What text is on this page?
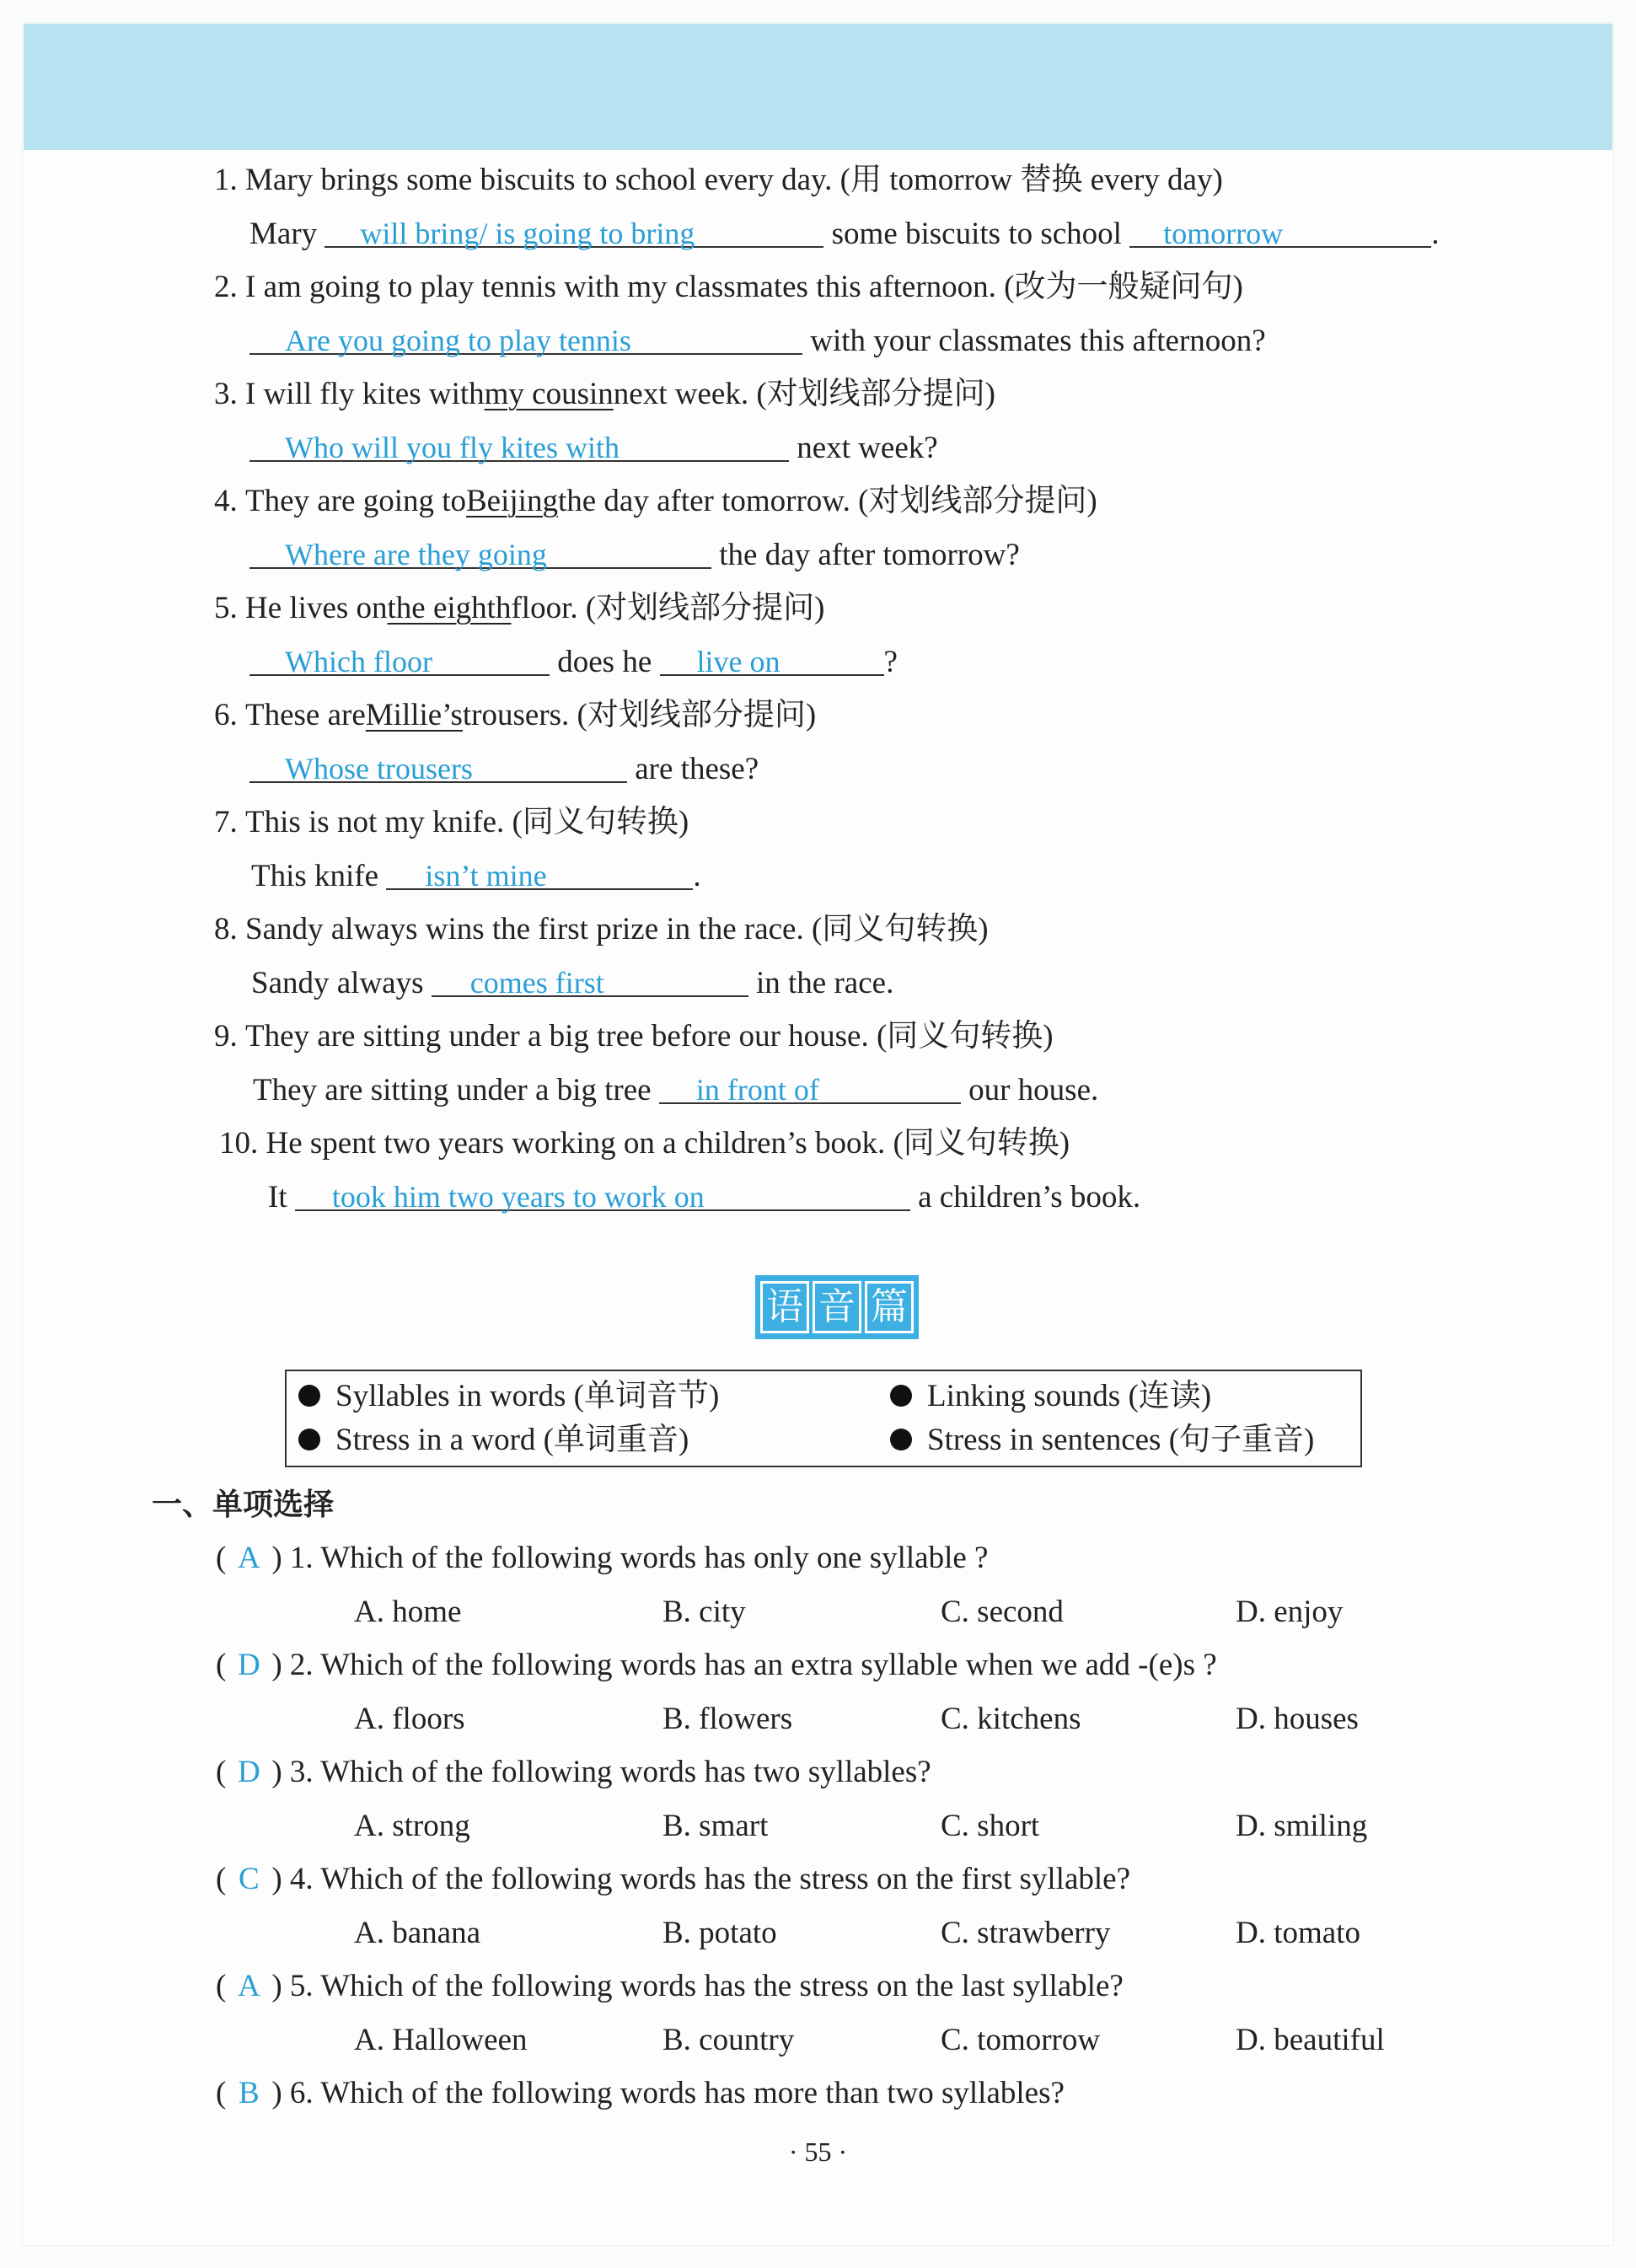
1. Mary brings some biscuits to school every day. (用 tomorrow 替换 every day)
Mary will bring/ is going to bring	some biscuits to school tomorrow	.
2. I am going to play tennis with my classmates this afternoon. (改为一般疑问句)
Are you going to play tennis	with your classmates this afternoon?
3. I will fly kites withmy cousinnext week. (对划线部分提问)
Who will you fly kites with	next week?
4. They are going toBeijingthe day after tomorrow. (对划线部分提问)
Where are they going	the day after tomorrow?
5. He lives onthe eighthfloor. (对划线部分提问)
Which floor	does he live on	?
6. These areMillie’strousers. (对划线部分提问)
Whose trousers	are these?
7. This is not my knife. (同义句转换)
This knife isn’t mine	.
8. Sandy always wins the first prize in the race. (同义句转换)
Sandy always comes first	in the race.
9. They are sitting under a big tree before our house. (同义句转换)
They are sitting under a big tree in front of	our house.
10. He spent two years working on a children’s book. (同义句转换)
It took him two years to work on	a children’s book.
语 音 篇
Syllables in words (单词音节)	Linking sounds (连读)
Stress in a word (单词重音)	Stress in sentences (句子重音)
一、单项选择
( A ) 1. Which of the following words has only one syllable ?
A. home	B. city	C. second	D. enjoy
( D ) 2. Which of the following words has an extra syllable when we add -(e)s ?
A. floors	B. flowers	C. kitchens	D. houses
( D ) 3. Which of the following words has two syllables?
A. strong	B. smart	C. short	D. smiling
( C ) 4. Which of the following words has the stress on the first syllable?
A. banana	B. potato	C. strawberry	D. tomato
( A ) 5. Which of the following words has the stress on the last syllable?
A. Halloween	B. country	C. tomorrow	D. beautiful
( B ) 6. Which of the following words has more than two syllables?
· 55 ·
